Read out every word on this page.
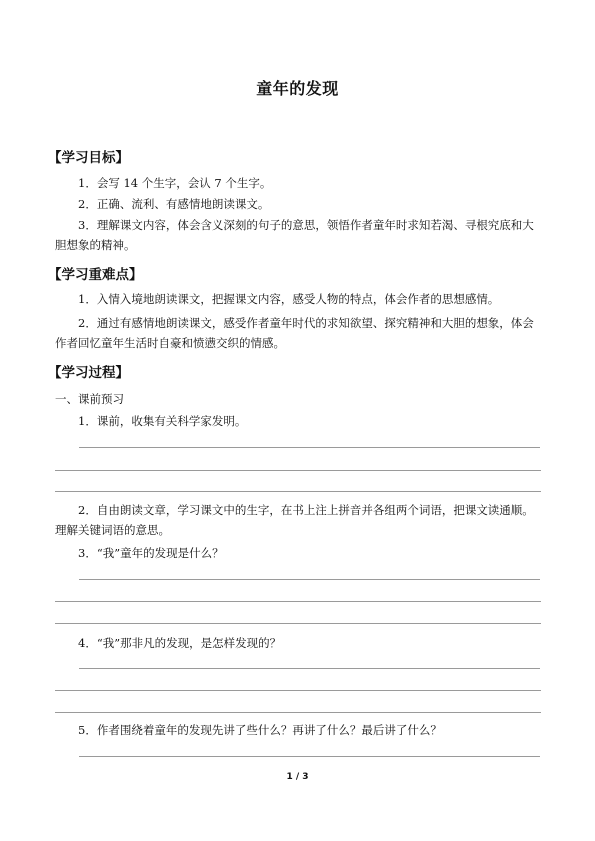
童年的发现
【学习目标】
1．会写 14 个生字，会认 7 个生字。
2．正确、流利、有感情地朗读课文。
3．理解课文内容，体会含义深刻的句子的意思，领悟作者童年时求知若渴、寻根究底和大胆想象的精神。
【学习重难点】
1．入情入境地朗读课文，把握课文内容，感受人物的特点，体会作者的思想感情。
2．通过有感情地朗读课文，感受作者童年时代的求知欲望、探究精神和大胆的想象，体会作者回忆童年生活时自豪和愤懑交织的情感。
【学习过程】
一、课前预习
1．课前，收集有关科学家发明。
2．自由朗读文章，学习课文中的生字，在书上注上拼音并各组两个词语，把课文读通顺。理解关键词语的意思。
3．“我”童年的发现是什么？
4．“我”那非凡的发现，是怎样发现的？
5．作者围绕着童年的发现先讲了些什么？再讲了什么？最后讲了什么？
1 / 3
